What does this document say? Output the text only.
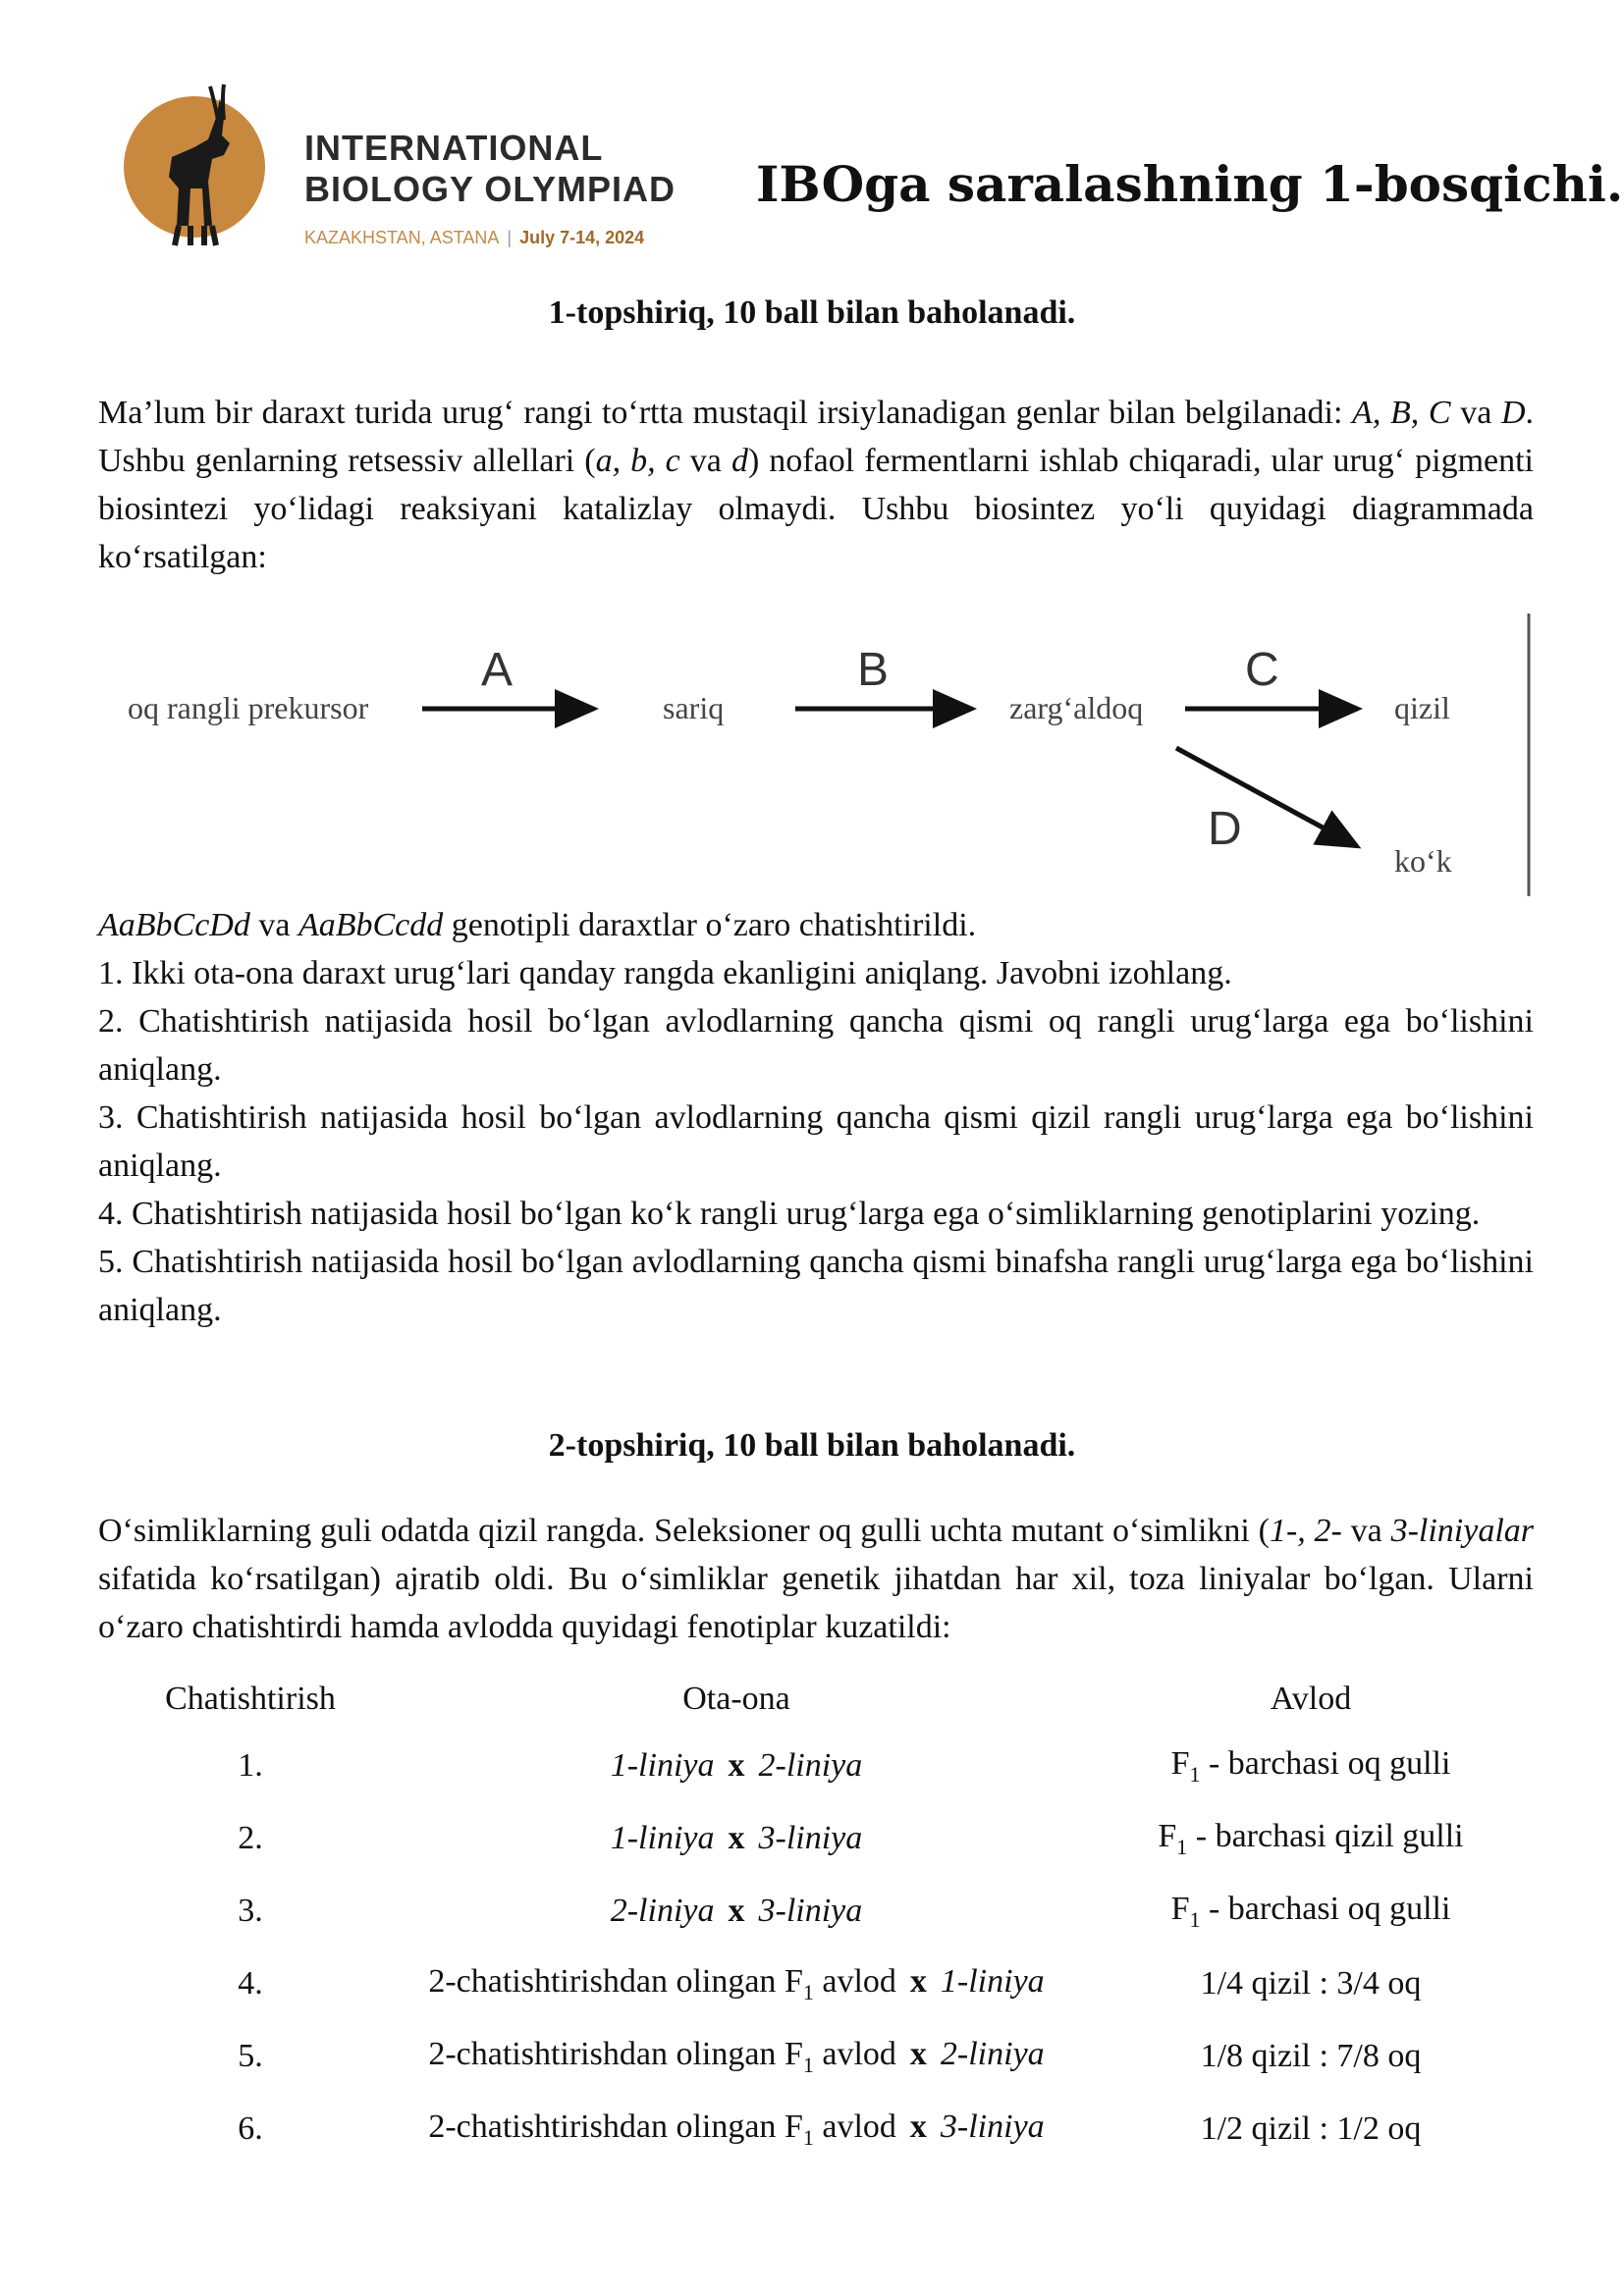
INTERNATIONAL
BIOLOGY OLYMPIAD
KAZAKHSTAN, ASTANA | July 7-14, 2024
IBOga saralashning 1-bosqichi.
1-topshiriq, 10 ball bilan baholanadi.

Ma’lum bir daraxt turida urug‘ rangi to‘rtta mustaqil irsiylanadigan genlar bilan belgilanadi: A, B, C va D. Ushbu genlarning retsessiv allellari (a, b, c va d) nofaol fermentlarni ishlab chiqaradi, ular urug‘ pigmenti biosintezi yo‘lidagi reaksiyani katalizlay olmaydi. Ushbu biosintez yo‘li quyidagi diagrammada ko‘rsatilgan:

oq rangli prekursor	sariq	zarg‘aldoq	qizil
ko‘k
A	B	C
D

AaBbCcDd va AaBbCcdd genotipli daraxtlar o‘zaro chatishtirildi.

1. Ikki ota-ona daraxt urug‘lari qanday rangda ekanligini aniqlang. Javobni izohlang.

2. Chatishtirish natijasida hosil bo‘lgan avlodlarning qancha qismi oq rangli urug‘larga ega bo‘lishini aniqlang.

3. Chatishtirish natijasida hosil bo‘lgan avlodlarning qancha qismi qizil rangli urug‘larga ega bo‘lishini aniqlang.

4. Chatishtirish natijasida hosil bo‘lgan ko‘k rangli urug‘larga ega o‘simliklarning genotiplarini yozing.

5. Chatishtirish natijasida hosil bo‘lgan avlodlarning qancha qismi binafsha rangli urug‘larga ega bo‘lishini aniqlang.

2-topshiriq, 10 ball bilan baholanadi.

O‘simliklarning guli odatda qizil rangda. Seleksioner oq gulli uchta mutant o‘simlikni (1-, 2- va 3-liniyalar sifatida ko‘rsatilgan) ajratib oldi. Bu o‘simliklar genetik jihatdan har xil, toza liniyalar bo‘lgan. Ularni o‘zaro chatishtirdi hamda avlodda quyidagi fenotiplar kuzatildi:

Chatishtirish	Ota-ona	Avlod
1.	1-liniya x 2-liniya	$F_1$ - barchasi oq gulli
2.	1-liniya x 3-liniya	$F_1$ - barchasi qizil gulli
3.	2-liniya x 3-liniya	$F_1$ - barchasi oq gulli
4.	2-chatishtirishdan olingan $F_1$ avlod x 1-liniya	1/4 qizil : 3/4 oq
5.	2-chatishtirishdan olingan $F_1$ avlod x 2-liniya	1/8 qizil : 7/8 oq
6.	2-chatishtirishdan olingan $F_1$ avlod x 3-liniya	1/2 qizil : 1/2 oq
